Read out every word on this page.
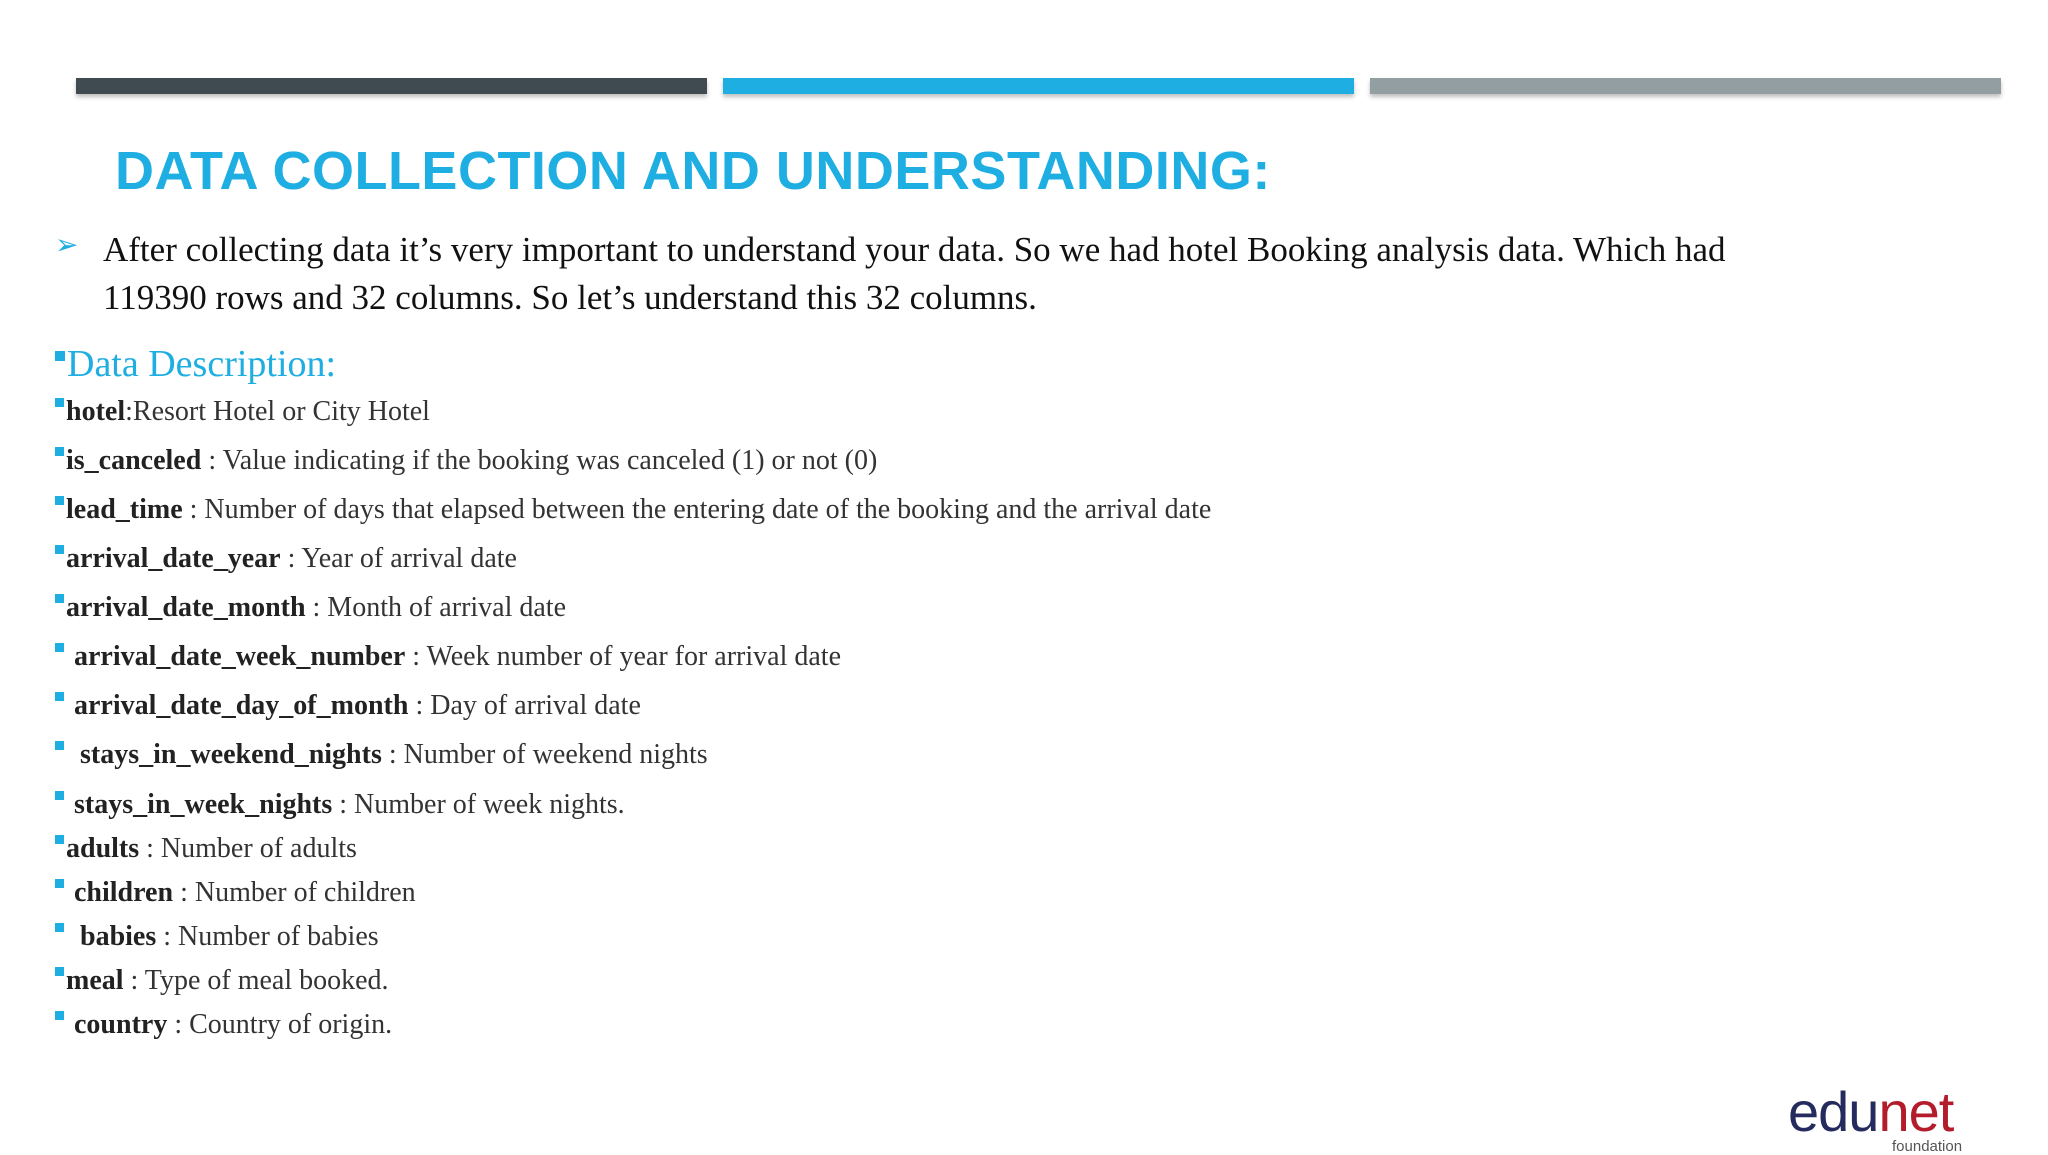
DATA COLLECTION AND UNDERSTANDING:
➢ After collecting data it’s very important to understand your data. So we had hotel Booking analysis data. Which had 119390 rows and 32 columns. So let’s understand this 32 columns.
Data Description:
hotel:Resort Hotel or City Hotel
is_canceled : Value indicating if the booking was canceled (1) or not (0)
lead_time : Number of days that elapsed between the entering date of the booking and the arrival date
arrival_date_year : Year of arrival date
arrival_date_month : Month of arrival date
arrival_date_week_number : Week number of year for arrival date
arrival_date_day_of_month : Day of arrival date
stays_in_weekend_nights : Number of weekend nights
stays_in_week_nights : Number of week nights.
adults : Number of adults
children : Number of children
babies : Number of babies
meal : Type of meal booked.
country : Country of origin.
edunet
foundation
